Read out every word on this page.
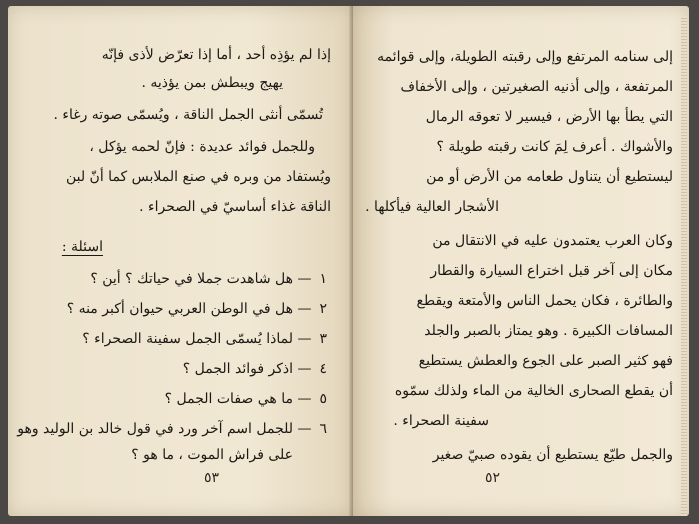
إذا لم يؤذِه أحد ، أما إذا تعرّض لأذى فإنّه
يهيج ويبطش بمن يؤذيه .
تُسمّى أنثى الجمل الناقة ، ويُسمّى صوته رغاء .
وللجمل فوائد عديدة : فإنّ لحمه يؤكل ،
ويُستفاد من وبره في صنع الملابس كما أنّ لبن
الناقة غذاء أساسيّ في الصحراء .
اسئلة :
١— هل شاهدت جملا في حياتك ؟ أين ؟
٢— هل في الوطن العربي حيوان أكبر منه ؟
٣— لماذا يُسمّى الجمل سفينة الصحراء ؟
٤— اذكر فوائد الجمل ؟
٥— ما هي صفات الجمل ؟
٦— للجمل اسم آخر ورد في قول خالد بن الوليد وهو
على فراش الموت ، ما هو ؟
٥٣
إلى سنامه المرتفع وإلى رقبته الطويلة، وإلى قوائمه
المرتفعة ، وإلى أذنيه الصغيرتين ، وإلى الأخفاف
التي يطأ بها الأرض ، فيسير لا تعوقه الرمال
والأشواك . أعرف لِمَ كانت رقبته طويلة ؟
ليستطيع أن يتناول طعامه من الأرض أو من
الأشجار العالية فيأكلها .
وكان العرب يعتمدون عليه في الانتقال من
مكان إلى آخر قبل اختراع السيارة والقطار
والطائرة ، فكان يحمل الناس والأمتعة ويقطع
المسافات الكبيرة . وهو يمتاز بالصبر والجلد
فهو كثير الصبر على الجوع والعطش يستطيع
أن يقطع الصحارى الخالية من الماء ولذلك سمّوه
سفينة الصحراء .
والجمل طيّع يستطيع أن يقوده صبيّ صغير
٥٢
